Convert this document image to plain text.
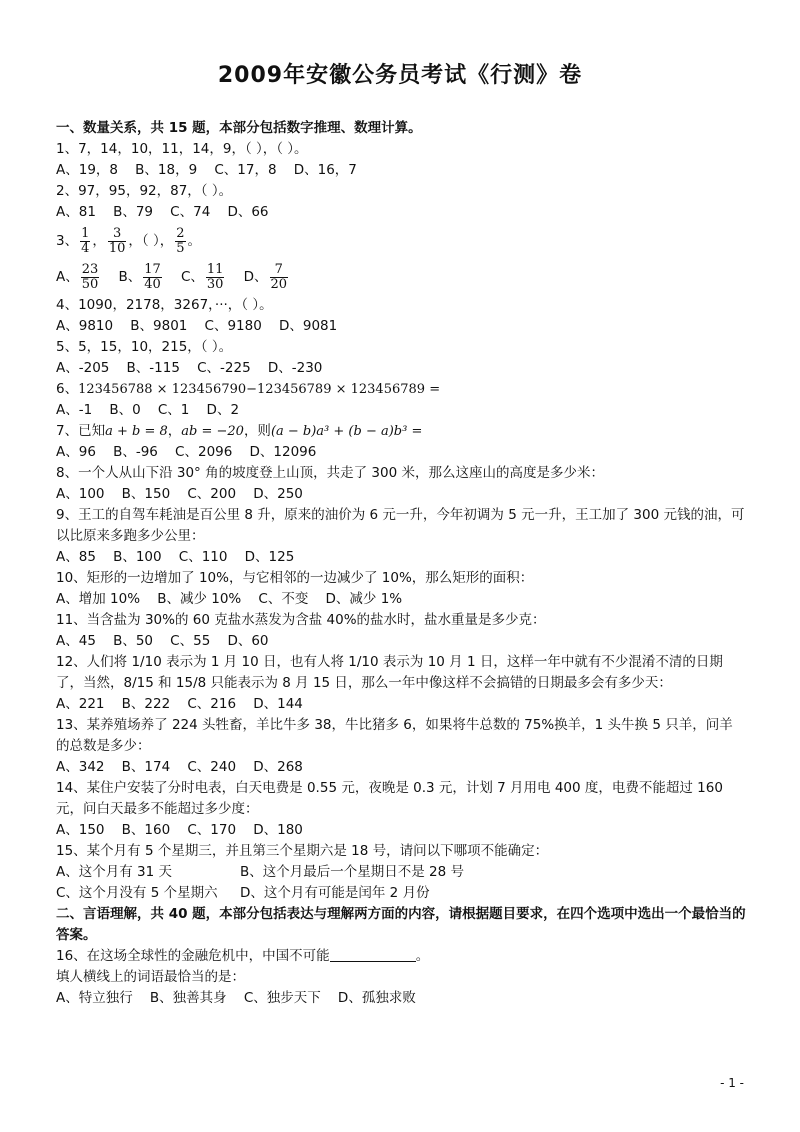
2009年安徽公务员考试《行测》卷

一、数量关系，共 15 题，本部分包括数字推理、数理计算。

1、7，14，10，11，14，9，（ ），（ ）。

A、19，8    B、18，9    C、17，8    D、16，7

2、97，95，92，87，（ ）。

A、81    B、79    C、74    D、66

3、 $\frac{1}{4}$ ， $\frac{3}{10}$ ，（ ）， $\frac{2}{5}$ 。

A、 $\frac{23}{50}$ B、 $\frac{17}{40}$ C、 $\frac{11}{30}$ D、 $\frac{7}{20}$

4、1090，2178，3267，···，（ ）。

A、9810    B、9801    C、9180    D、9081

5、5，15，10，215，（ ）。

A、-205    B、-115    C、-225    D、-230

6、123456788 × 123456790−123456789 × 123456789 =

A、-1    B、0    C、1    D、2

7、已知a + b = 8，ab = −20，则(a − b)a³ + (b − a)b³ =

A、96    B、-96    C、2096    D、12096

8、一个人从山下沿 30° 角的坡度登上山顶，共走了 300 米，那么这座山的高度是多少米：

A、100    B、150    C、200    D、250

9、王工的自驾车耗油是百公里 8 升，原来的油价为 6 元一升，今年初调为 5 元一升，王工加了 300 元钱的油，可以比原来多跑多少公里：

A、85    B、100    C、110    D、125

10、矩形的一边增加了 10%，与它相邻的一边减少了 10%，那么矩形的面积：

A、增加 10%    B、减少 10%    C、不变    D、减少 1%

11、当含盐为 30%的 60 克盐水蒸发为含盐 40%的盐水时，盐水重量是多少克：

A、45    B、50    C、55    D、60

12、人们将 1/10 表示为 1 月 10 日，也有人将 1/10 表示为 10 月 1 日，这样一年中就有不少混淆不清的日期了，当然，8/15 和 15/8 只能表示为 8 月 15 日，那么一年中像这样不会搞错的日期最多会有多少天：

A、221    B、222    C、216    D、144

13、某养殖场养了 224 头牲畜，羊比牛多 38，牛比猪多 6，如果将牛总数的 75%换羊，1 头牛换 5 只羊，问羊的总数是多少：

A、342    B、174    C、240    D、268

14、某住户安装了分时电表，白天电费是 0.55 元，夜晚是 0.3 元，计划 7 月用电 400 度，电费不能超过 160 元，问白天最多不能超过多少度：

A、150    B、160    C、170    D、180

15、某个月有 5 个星期三，并且第三个星期六是 18 号，请问以下哪项不能确定：

A、这个月有 31 天	B、这个月最后一个星期日不是 28 号

C、这个月没有 5 个星期六 D、这个月有可能是闰年 2 月份

二、言语理解，共 40 题，本部分包括表达与理解两方面的内容，请根据题目要求，在四个选项中选出一个最恰当的答案。

16、在这场全球性的金融危机中，中国不可能	。

填人横线上的词语最恰当的是：

A、特立独行    B、独善其身    C、独步天下    D、孤独求败

- 1 -
